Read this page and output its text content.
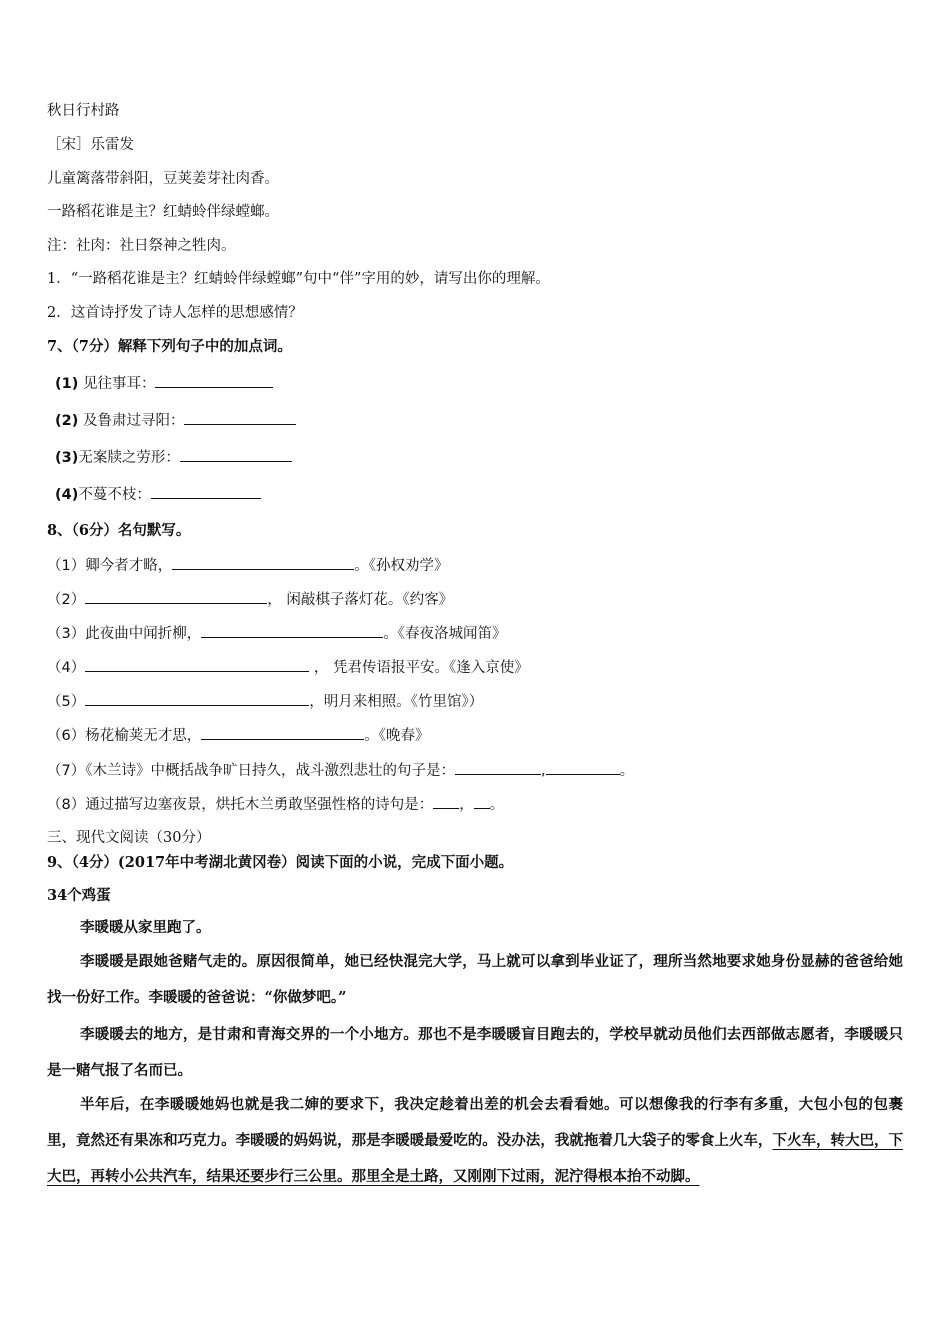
秋日行村路
［宋］乐雷发
儿童篱落带斜阳，豆荚姜芽社肉香。
一路稻花谁是主？红蜻蛉伴绿螳螂。
注：社肉：社日祭神之牲肉。
1．“一路稻花谁是主？红蜻蛉伴绿螳螂”句中“伴”字用的妙，请写出你的理解。
2．这首诗抒发了诗人怎样的思想感情？
7、（7分）解释下列句子中的加点词。
(1) 见往事耳：
(2) 及鲁肃过寻阳：
(3)无案牍之劳形：
(4)不蔓不枝：
8、（6分）名句默写。
（1）卿今者才略，	。《孙权劝学》
（2）	， 闲敲棋子落灯花。《约客》
（3）此夜曲中闻折柳，	。《春夜洛城闻笛》
（4）	， 凭君传语报平安。《逢入京使》
（5）	，明月来相照。《竹里馆》）
（6）杨花榆荚无才思，	。《晚春》
（7）《木兰诗》中概括战争旷日持久，战斗激烈悲壮的句子是：	,	。
（8）通过描写边塞夜景，烘托木兰勇敢坚强性格的诗句是： ， 。
三、现代文阅读（30分）
9、（4分）(2017年中考湖北黄冈卷）阅读下面的小说，完成下面小题。
34个鸡蛋
李暖暖从家里跑了。
李暖暖是跟她爸赌气走的。原因很简单，她已经快混完大学，马上就可以拿到毕业证了，理所当然地要求她身份显赫的爸爸给她找一份好工作。李暖暖的爸爸说：“你做梦吧。”
李暖暖去的地方，是甘肃和青海交界的一个小地方。那也不是李暖暖盲目跑去的，学校早就动员他们去西部做志愿者，李暖暖只是一赌气报了名而已。
半年后，在李暖暖她妈也就是我二婶的要求下，我决定趁着出差的机会去看看她。可以想像我的行李有多重，大包小包的包裹里，竟然还有果冻和巧克力。李暖暖的妈妈说，那是李暖暖最爱吃的。没办法，我就拖着几大袋子的零食上火车，下火车，转大巴，下大巴，再转小公共汽车，结果还要步行三公里。那里全是土路，又刚刚下过雨，泥泞得根本抬不动脚。
